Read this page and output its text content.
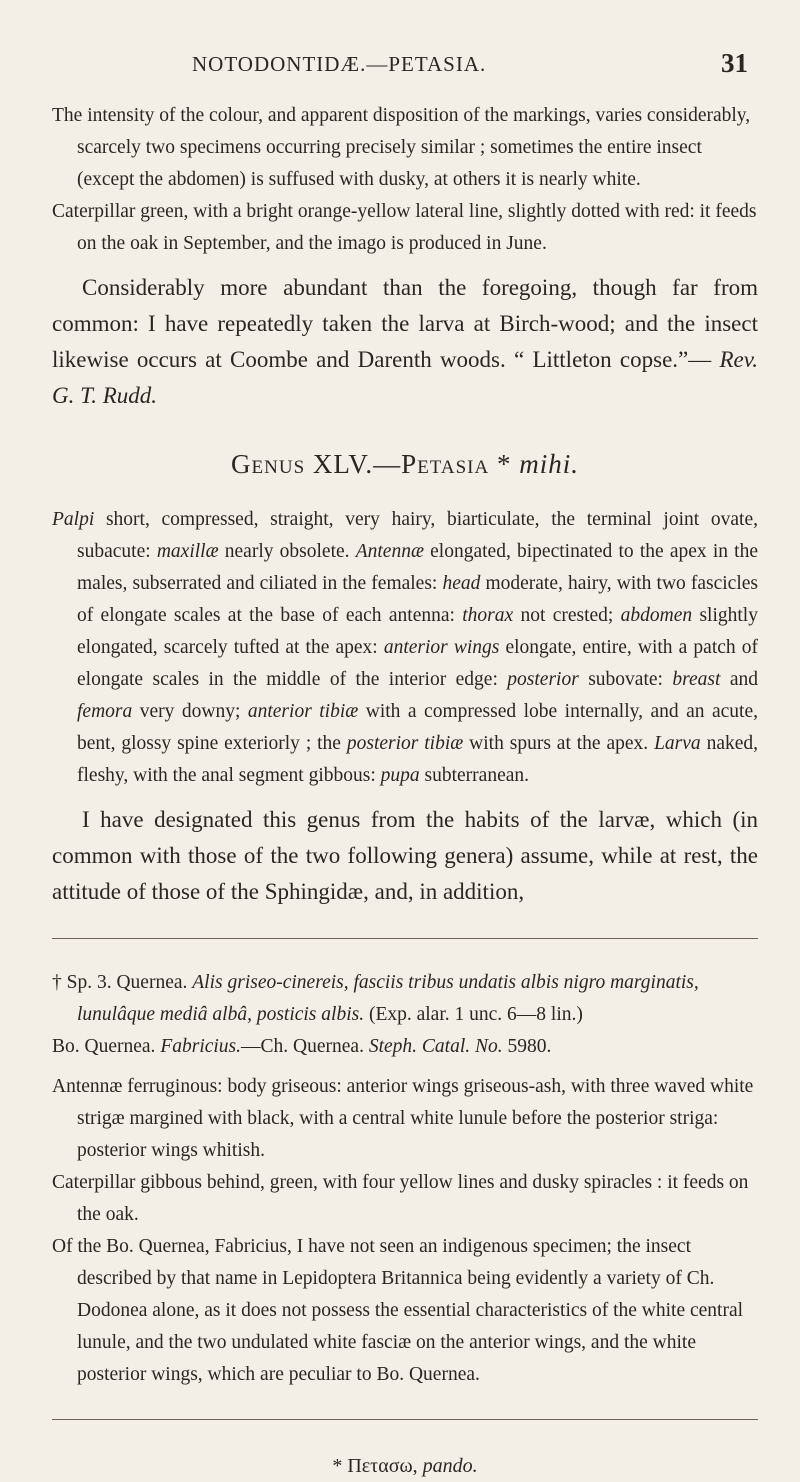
NOTODONTIDÆ.—PETASIA.	31

The intensity of the colour, and apparent disposition of the markings, varies considerably, scarcely two specimens occurring precisely similar ; sometimes the entire insect (except the abdomen) is suffused with dusky, at others it is nearly white.

Caterpillar green, with a bright orange-yellow lateral line, slightly dotted with red: it feeds on the oak in September, and the imago is produced in June.

Considerably more abundant than the foregoing, though far from common: I have repeatedly taken the larva at Birch-wood; and the insect likewise occurs at Coombe and Darenth woods. “ Littleton copse.”— Rev. G. T. Rudd.

Genus XLV.—Petasia * mihi.

Palpi short, compressed, straight, very hairy, biarticulate, the terminal joint ovate, subacute: maxillæ nearly obsolete. Antennæ elongated, bipectinated to the apex in the males, subserrated and ciliated in the females: head moderate, hairy, with two fascicles of elongate scales at the base of each antenna: thorax not crested; abdomen slightly elongated, scarcely tufted at the apex: anterior wings elongate, entire, with a patch of elongate scales in the middle of the interior edge: posterior subovate: breast and femora very downy; anterior tibiæ with a compressed lobe internally, and an acute, bent, glossy spine exteriorly ; the posterior tibiæ with spurs at the apex. Larva naked, fleshy, with the anal segment gibbous: pupa subterranean.

I have designated this genus from the habits of the larvæ, which (in common with those of the two following genera) assume, while at rest, the attitude of those of the Sphingidæ, and, in addition,

† Sp. 3. Quernea. Alis griseo-cinereis, fasciis tribus undatis albis nigro marginatis, lunulâque mediâ albâ, posticis albis. (Exp. alar. 1 unc. 6—8 lin.)

Bo. Quernea. Fabricius.—Ch. Quernea. Steph. Catal. No. 5980.

Antennæ ferruginous: body griseous: anterior wings griseous-ash, with three waved white strigæ margined with black, with a central white lunule before the posterior striga: posterior wings whitish.

Caterpillar gibbous behind, green, with four yellow lines and dusky spiracles : it feeds on the oak.

Of the Bo. Quernea, Fabricius, I have not seen an indigenous specimen; the insect described by that name in Lepidoptera Britannica being evidently a variety of Ch. Dodonea alone, as it does not possess the essential characteristics of the white central lunule, and the two undulated white fasciæ on the anterior wings, and the white posterior wings, which are peculiar to Bo. Quernea.

* Πετασω, pando.
